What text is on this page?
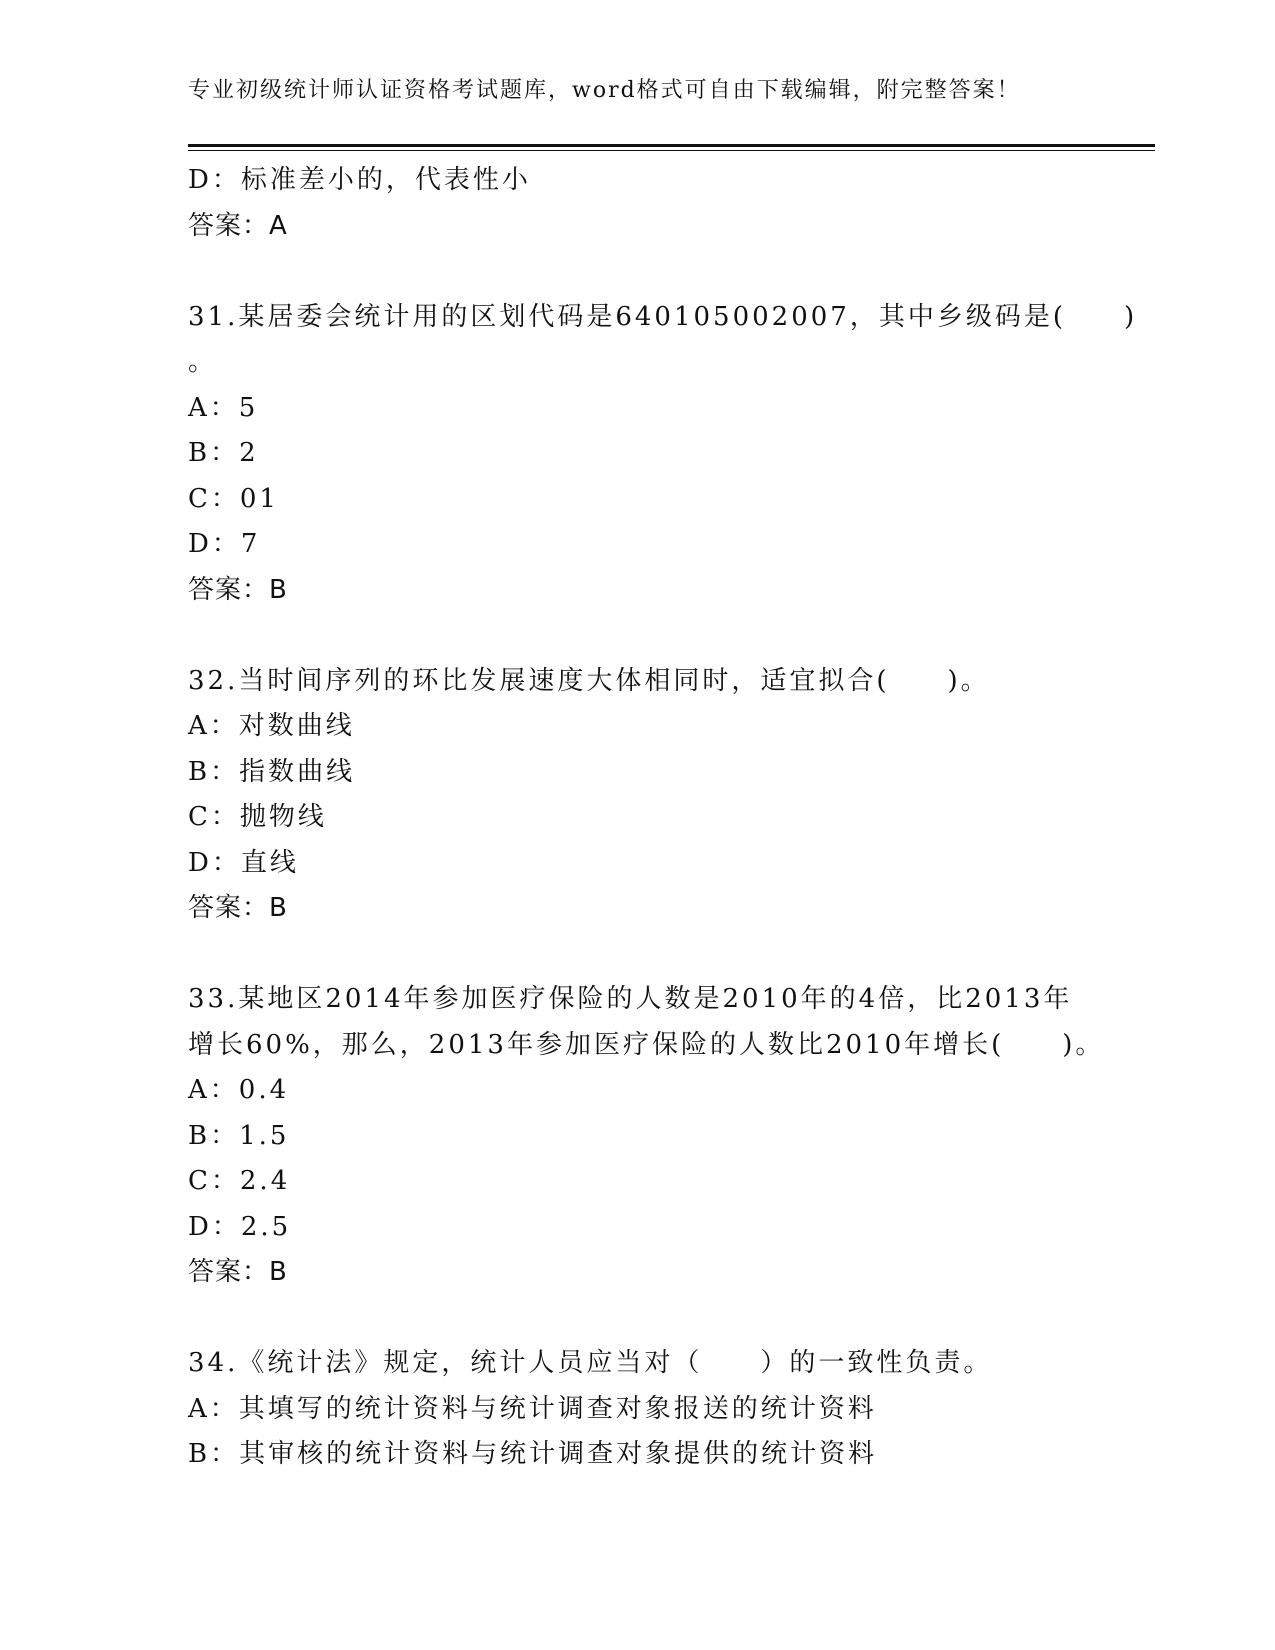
专业初级统计师认证资格考试题库，word格式可自由下载编辑，附完整答案！
D：标准差小的，代表性小
答案：A
31.某居委会统计用的区划代码是640105002007，其中乡级码是(　　)
。
A：5
B：2
C：01
D：7
答案：B
32.当时间序列的环比发展速度大体相同时，适宜拟合(　　)。
A：对数曲线
B：指数曲线
C：抛物线
D：直线
答案：B
33.某地区2014年参加医疗保险的人数是2010年的4倍，比2013年
增长60%，那么，2013年参加医疗保险的人数比2010年增长(　　)。
A：0.4
B：1.5
C：2.4
D：2.5
答案：B
34.《统计法》规定，统计人员应当对（　　）的一致性负责。
A：其填写的统计资料与统计调查对象报送的统计资料
B：其审核的统计资料与统计调查对象提供的统计资料
